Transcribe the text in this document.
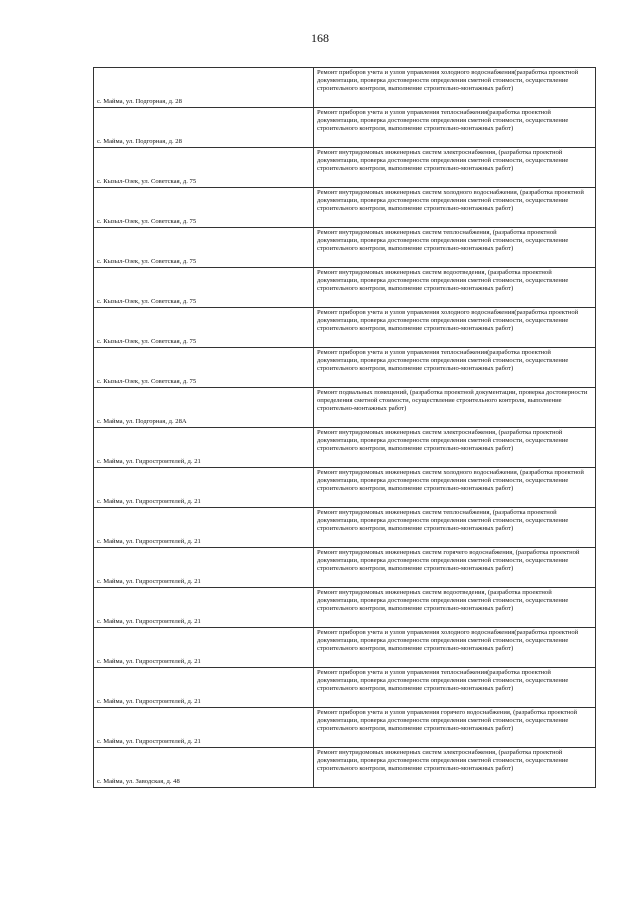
168
с. Майма, ул. Подгорная, д. 28	Ремонт приборов учета и узлов управления холодного водоснабжения(разработка проектной документации, проверка достоверности определения сметной стоимости, осуществление строительного контроля, выполнение строительно-монтажных работ)
с. Майма, ул. Подгорная, д. 28	Ремонт приборов учета и узлов управления теплоснабжения(разработка проектной документации, проверка достоверности определения сметной стоимости, осуществление строительного контроля, выполнение строительно-монтажных работ)
с. Кызыл-Озек, ул. Советская, д. 75	Ремонт внутридомовых инженерных систем электроснабжения, (разработка проектной документации, проверка достоверности определения сметной стоимости, осуществление строительного контроля, выполнение строительно-монтажных работ)
с. Кызыл-Озек, ул. Советская, д. 75	Ремонт внутридомовых инженерных систем холодного водоснабжения, (разработка проектной документации, проверка достоверности определения сметной стоимости, осуществление строительного контроля, выполнение строительно-монтажных работ)
с. Кызыл-Озек, ул. Советская, д. 75	Ремонт внутридомовых инженерных систем теплоснабжения, (разработка проектной документации, проверка достоверности определения сметной стоимости, осуществление строительного контроля, выполнение строительно-монтажных работ)
с. Кызыл-Озек, ул. Советская, д. 75	Ремонт внутридомовых инженерных систем водоотведения, (разработка проектной документации, проверка достоверности определения сметной стоимости, осуществление строительного контроля, выполнение строительно-монтажных работ)
с. Кызыл-Озек, ул. Советская, д. 75	Ремонт приборов учета и узлов управления холодного водоснабжения(разработка проектной документации, проверка достоверности определения сметной стоимости, осуществление строительного контроля, выполнение строительно-монтажных работ)
с. Кызыл-Озек, ул. Советская, д. 75	Ремонт приборов учета и узлов управления теплоснабжения(разработка проектной документации, проверка достоверности определения сметной стоимости, осуществление строительного контроля, выполнение строительно-монтажных работ)
с. Майма, ул. Подгорная, д. 28А	Ремонт подвальных помещений, (разработка проектной документации, проверка достоверности определения сметной стоимости, осуществление строительного контроля, выполнение строительно-монтажных работ)
с. Майма, ул. Гидростроителей, д. 21	Ремонт внутридомовых инженерных систем электроснабжения, (разработка проектной документации, проверка достоверности определения сметной стоимости, осуществление строительного контроля, выполнение строительно-монтажных работ)
с. Майма, ул. Гидростроителей, д. 21	Ремонт внутридомовых инженерных систем холодного водоснабжения, (разработка проектной документации, проверка достоверности определения сметной стоимости, осуществление строительного контроля, выполнение строительно-монтажных работ)
с. Майма, ул. Гидростроителей, д. 21	Ремонт внутридомовых инженерных систем теплоснабжения, (разработка проектной документации, проверка достоверности определения сметной стоимости, осуществление строительного контроля, выполнение строительно-монтажных работ)
с. Майма, ул. Гидростроителей, д. 21	Ремонт внутридомовых инженерных систем горячего водоснабжения, (разработка проектной документации, проверка достоверности определения сметной стоимости, осуществление строительного контроля, выполнение строительно-монтажных работ)
с. Майма, ул. Гидростроителей, д. 21	Ремонт внутридомовых инженерных систем водоотведения, (разработка проектной документации, проверка достоверности определения сметной стоимости, осуществление строительного контроля, выполнение строительно-монтажных работ)
с. Майма, ул. Гидростроителей, д. 21	Ремонт приборов учета и узлов управления холодного водоснабжения(разработка проектной документации, проверка достоверности определения сметной стоимости, осуществление строительного контроля, выполнение строительно-монтажных работ)
с. Майма, ул. Гидростроителей, д. 21	Ремонт приборов учета и узлов управления теплоснабжения(разработка проектной документации, проверка достоверности определения сметной стоимости, осуществление строительного контроля, выполнение строительно-монтажных работ)
с. Майма, ул. Гидростроителей, д. 21	Ремонт приборов учета и узлов управления горячего водоснабжения, (разработка проектной документации, проверка достоверности определения сметной стоимости, осуществление строительного контроля, выполнение строительно-монтажных работ)
с. Майма, ул. Заводская, д. 48	Ремонт внутридомовых инженерных систем электроснабжения, (разработка проектной документации, проверка достоверности определения сметной стоимости, осуществление строительного контроля, выполнение строительно-монтажных работ)
